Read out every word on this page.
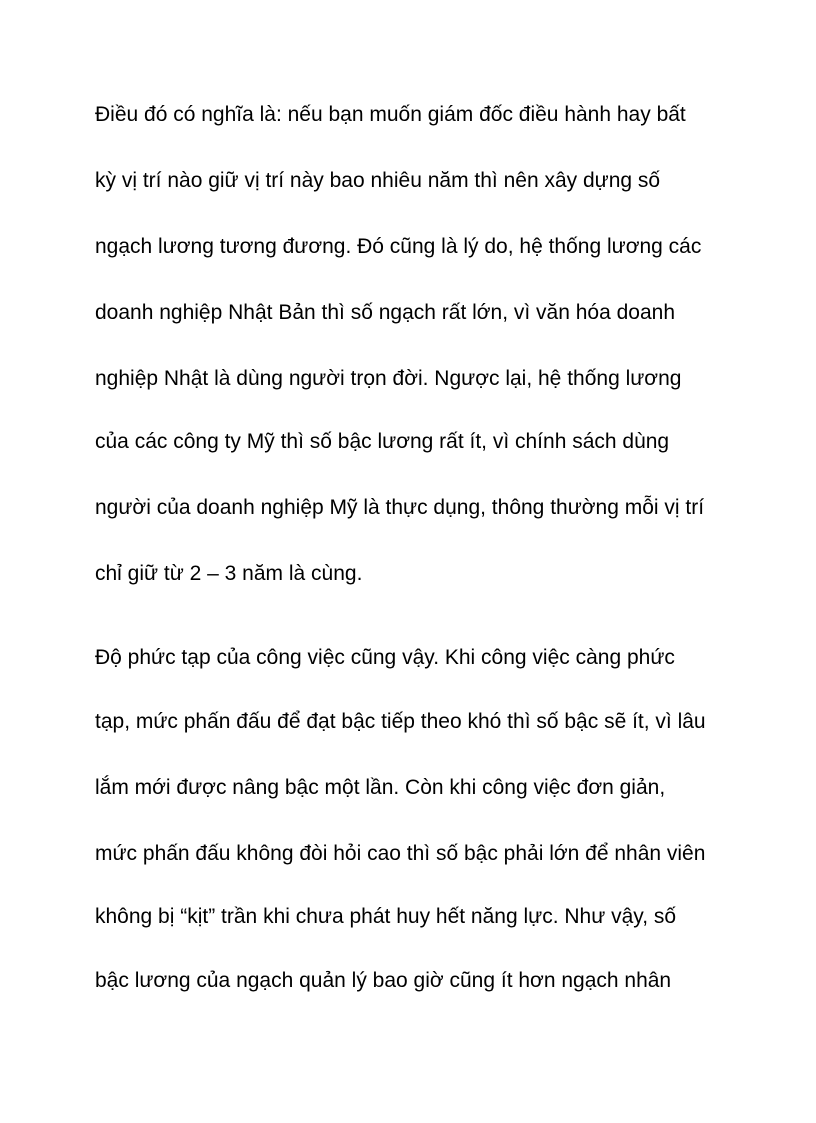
Điều đó có nghĩa là: nếu bạn muốn giám đốc điều hành hay bất
kỳ vị trí nào giữ vị trí này bao nhiêu năm thì nên xây dựng số
ngạch lương tương đương. Đó cũng là lý do, hệ thống lương các
doanh nghiệp Nhật Bản thì số ngạch rất lớn, vì văn hóa doanh
nghiệp Nhật là dùng người trọn đời. Ngược lại, hệ thống lương
của các công ty Mỹ thì số bậc lương rất ít, vì chính sách dùng
người của doanh nghiệp Mỹ là thực dụng, thông thường mỗi vị trí
chỉ giữ từ 2 – 3 năm là cùng.
Độ phức tạp của công việc cũng vậy. Khi công việc càng phức
tạp, mức phấn đấu để đạt bậc tiếp theo khó thì số bậc sẽ ít, vì lâu
lắm mới được nâng bậc một lần. Còn khi công việc đơn giản,
mức phấn đấu không đòi hỏi cao thì số bậc phải lớn để nhân viên
không bị “kịt” trần khi chưa phát huy hết năng lực. Như vậy, số
bậc lương của ngạch quản lý bao giờ cũng ít hơn ngạch nhân
